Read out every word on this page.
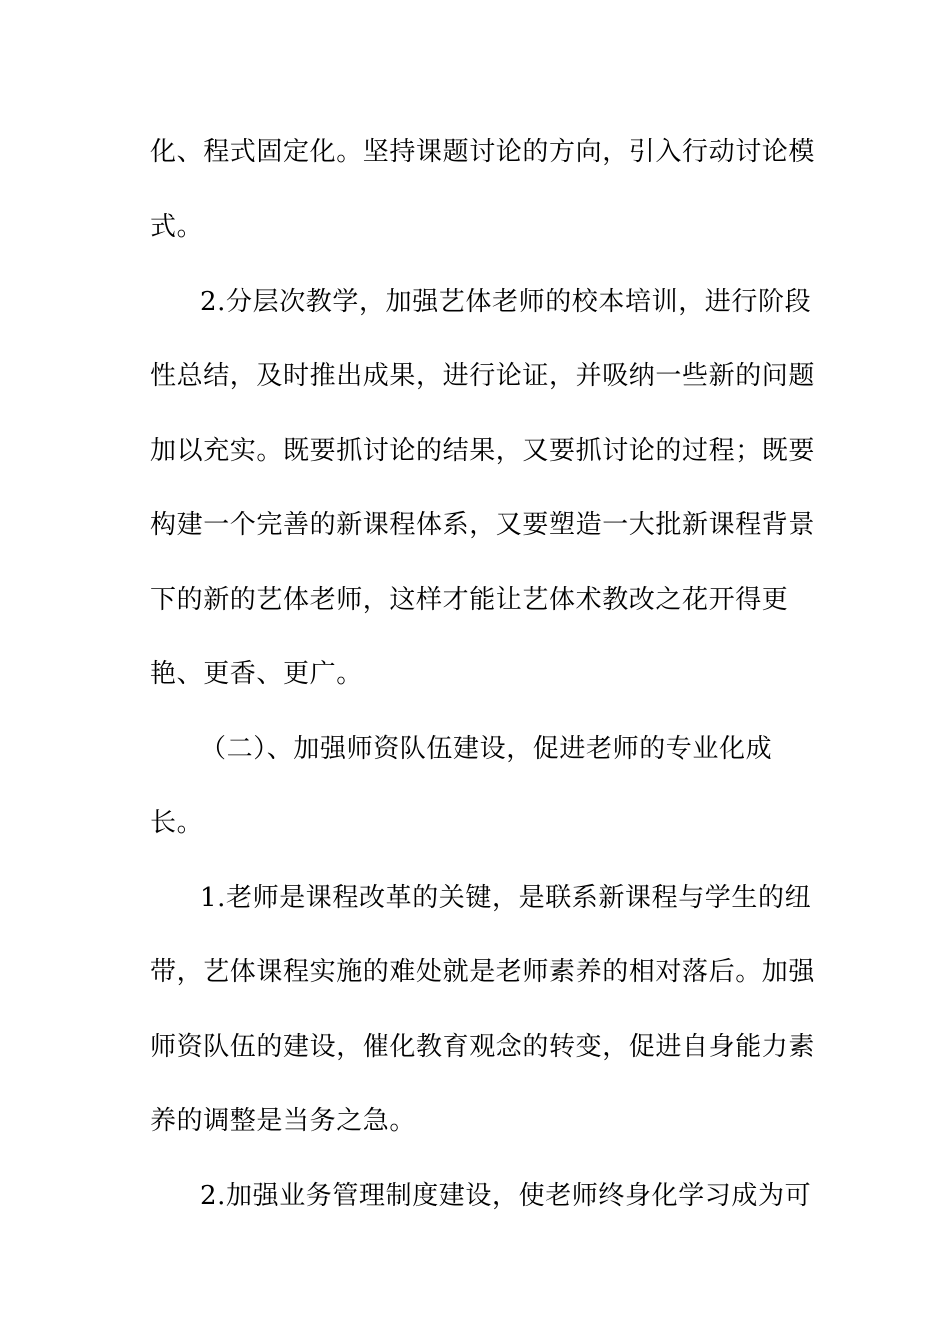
化、程式固定化。坚持课题讨论的方向，引入行动讨论模
式。
2.分层次教学，加强艺体老师的校本培训，进行阶段
性总结，及时推出成果，进行论证，并吸纳一些新的问题
加以充实。既要抓讨论的结果，又要抓讨论的过程；既要
构建一个完善的新课程体系，又要塑造一大批新课程背景
下的新的艺体老师，这样才能让艺体术教改之花开得更
艳、更香、更广。
（二）、加强师资队伍建设，促进老师的专业化成
长。
1.老师是课程改革的关键，是联系新课程与学生的纽
带，艺体课程实施的难处就是老师素养的相对落后。加强
师资队伍的建设，催化教育观念的转变，促进自身能力素
养的调整是当务之急。
2.加强业务管理制度建设，使老师终身化学习成为可
